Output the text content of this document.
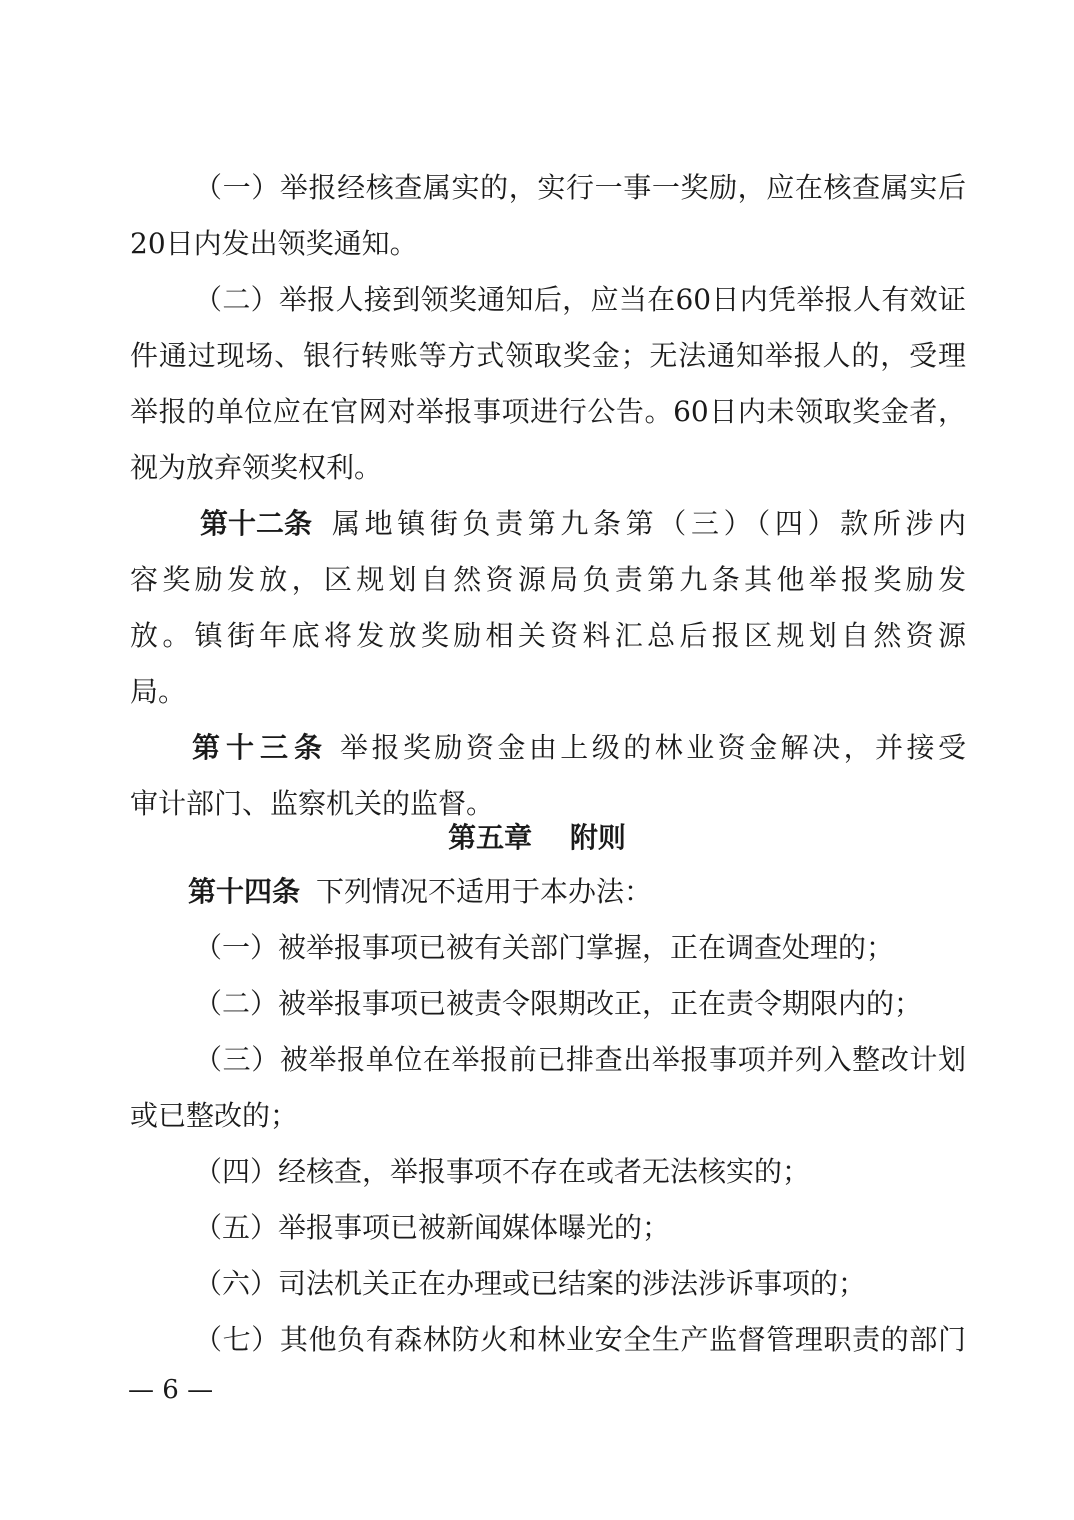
（一）举报经核查属实的，实行一事一奖励，应在核查属实后
20日内发出领奖通知。
（二）举报人接到领奖通知后，应当在60日内凭举报人有效证
件通过现场、银行转账等方式领取奖金；无法通知举报人的，受理
举报的单位应在官网对举报事项进行公告。60日内未领取奖金者，
视为放弃领奖权利。
第十二条 属地镇街负责第九条第（三）（四）款所涉内
容奖励发放，区规划自然资源局负责第九条其他举报奖励发
放。镇街年底将发放奖励相关资料汇总后报区规划自然资源
局。
第十三条 举报奖励资金由上级的林业资金解决，并接受
审计部门、监察机关的监督。
第五章　 附则
第十四条 下列情况不适用于本办法：
（一）被举报事项已被有关部门掌握，正在调查处理的；
（二）被举报事项已被责令限期改正，正在责令期限内的；
（三）被举报单位在举报前已排查出举报事项并列入整改计划
或已整改的；
（四）经核查，举报事项不存在或者无法核实的；
（五）举报事项已被新闻媒体曝光的；
（六）司法机关正在办理或已结案的涉法涉诉事项的；
（七）其他负有森林防火和林业安全生产监督管理职责的部门
— 6 —
